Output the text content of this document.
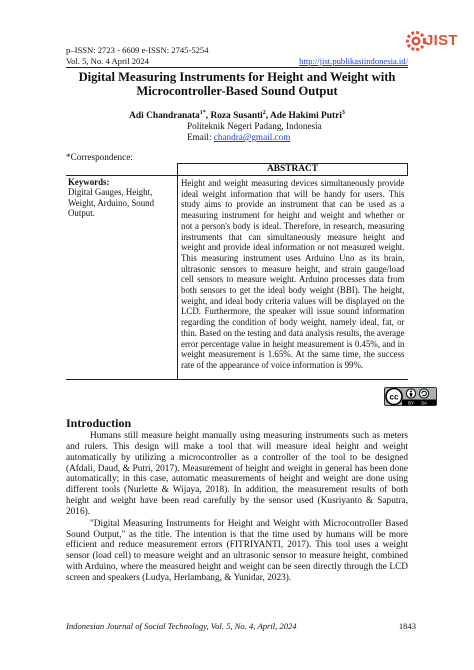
p–ISSN: 2723 - 6609 e-ISSN: 2745-5254
Vol. 5, No. 4 April 2024	http://jist.publikasiindonesia.id/
JIST
Digital Measuring Instruments for Height and Weight with
Microcontroller-Based Sound Output
Adi Chandranata$^{1*}$, Roza Susanti$^2$, Ade Hakimi Putri$^3$
Politeknik Negeri Padang, Indonesia
Email: chandra@gmail.com
*Correspondence:
	ABSTRACT

Keywords:
Digital Gauges, Height, Weight, Arduino, Sound Output.	Height and weight measuring devices simultaneously provide ideal weight information that will be handy for users. This study aims to provide an instrument that can be used as a measuring instrument for height and weight and whether or not a person's body is ideal. Therefore, in research, measuring instruments that can simultaneously measure height and weight and provide ideal information or not measured weight. This measuring instrument uses Arduino Uno as its brain, ultrasonic sensors to measure height, and strain gauge/load cell sensors to measure weight. Arduino processes data from both sensors to get the ideal body weight (BBI). The height, weight, and ideal body criteria values will be displayed on the LCD. Furthermore, the speaker will issue sound information regarding the condition of body weight, namely ideal, fat, or thin. Based on the testing and data analysis results, the average error percentage value in height measurement is 0.45%, and in weight measurement is 1.65%. At the same time, the success rate of the appearance of voice information is 99%.
cc
BY SA
Introduction

Humans still measure height manually using measuring instruments such as meters and rulers. This design will make a tool that will measure ideal height and weight automatically by utilizing a microcontroller as a controller of the tool to be designed (Afdali, Daud, & Putri, 2017). Measurement of height and weight in general has been done automatically; in this case, automatic measurements of height and weight are done using different tools (Nurlette & Wijaya, 2018). In addition, the measurement results of both height and weight have been read carefully by the sensor used (Kusriyanto & Saputra, 2016).

"Digital Measuring Instruments for Height and Weight with Microcontroller Based Sound Output," as the title. The intention is that the time used by humans will be more efficient and reduce measurement errors (FITRIYANTI, 2017). This tool uses a weight sensor (load cell) to measure weight and an ultrasonic sensor to measure height, combined with Arduino, where the measured height and weight can be seen directly through the LCD screen and speakers (Ludya, Herlambang, & Yunidar, 2023).

Indonesian Journal of Social Technology, Vol. 5, No. 4, April, 2024	1843
